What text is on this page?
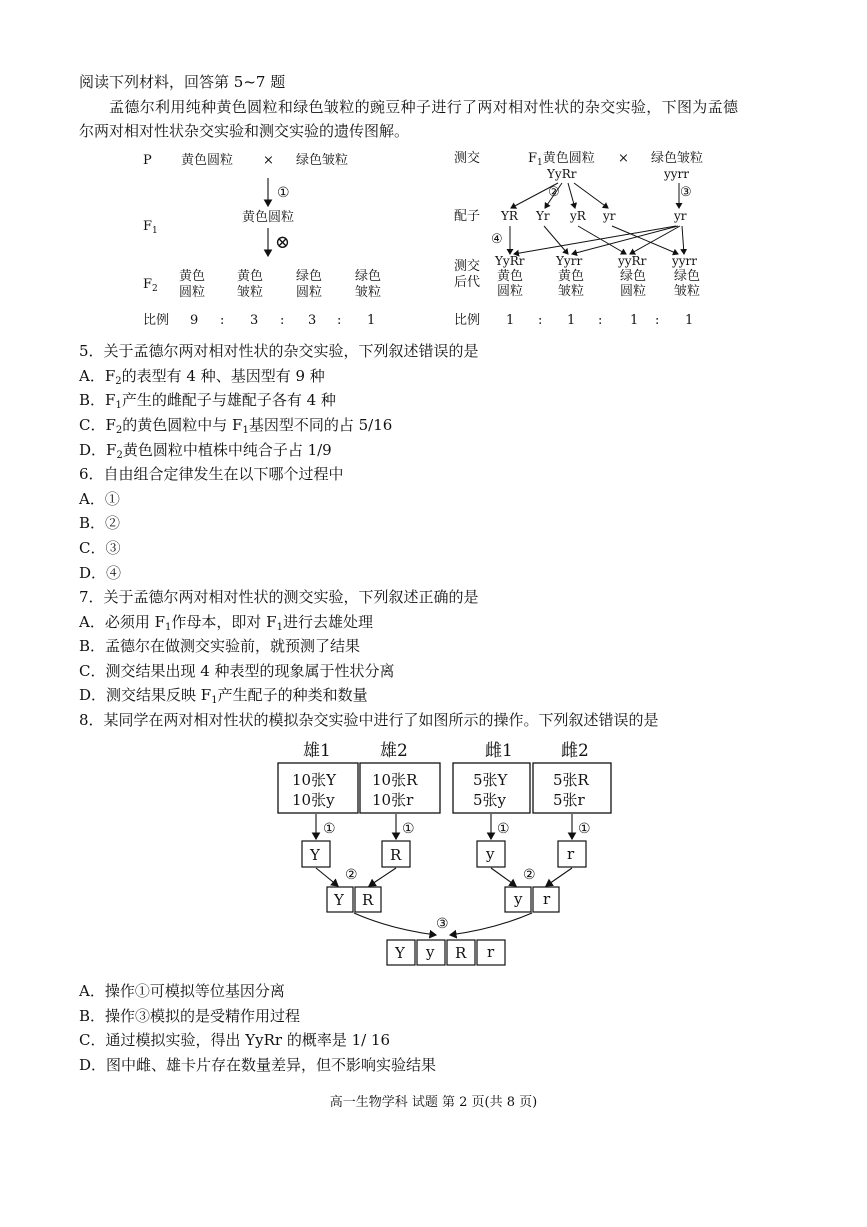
阅读下列材料，回答第 5~7 题
孟德尔利用纯种黄色圆粒和绿色皱粒的豌豆种子进行了两对相对性状的杂交实验，下图为孟德
尔两对相对性状杂交实验和测交实验的遗传图解。
P 黄色圆粒 × 绿色皱粒
①
$F_1$
黄色圆粒
⊗
$F_2$
黄色
圆粒
黄色
皱粒
绿色
圆粒
绿色
皱粒
比例 9 : 3 : 3 : 1
测交	$F_1$黄色圆粒 × 绿色皱粒
YyRr	yyrr
②	③
配子 YR Yr yR yr	yr
④
测交
后代
YyRr
黄色
圆粒
Yyrr
黄色
皱粒
yyRr
绿色
圆粒
yyrr
绿色
皱粒
比例 1 : 1 : 1 : 1
5．关于孟德尔两对相对性状的杂交实验，下列叙述错误的是
A．$F_2$的表型有 4 种、基因型有 9 种
B．$F_1$产生的雌配子与雄配子各有 4 种
C．$F_2$的黄色圆粒中与 $F_1$基因型不同的占 5/16
D．$F_2$黄色圆粒中植株中纯合子占 1/9
6．自由组合定律发生在以下哪个过程中
A．①
B．②
C．③
D．④
7．关于孟德尔两对相对性状的测交实验，下列叙述正确的是
A．必须用 $F_1$作母本，即对 $F_1$进行去雄处理
B．孟德尔在做测交实验前，就预测了结果
C．测交结果出现 4 种表型的现象属于性状分离
D．测交结果反映 $F_1$产生配子的种类和数量
8．某同学在两对相对性状的模拟杂交实验中进行了如图所示的操作。下列叙述错误的是
雄1	雄2	雌1	雌2
10张Y
10张y
10张R
10张r
5张Y
5张y
5张R
5张r
①	①	①	①
Y	R	y	r
②	②
Y R	y r
③
Y y R r
A．操作①可模拟等位基因分离
B．操作③模拟的是受精作用过程
C．通过模拟实验，得出 YyRr 的概率是 1/ 16
D．图中雌、雄卡片存在数量差异，但不影响实验结果
高一生物学科 试题 第 2 页(共 8 页)
